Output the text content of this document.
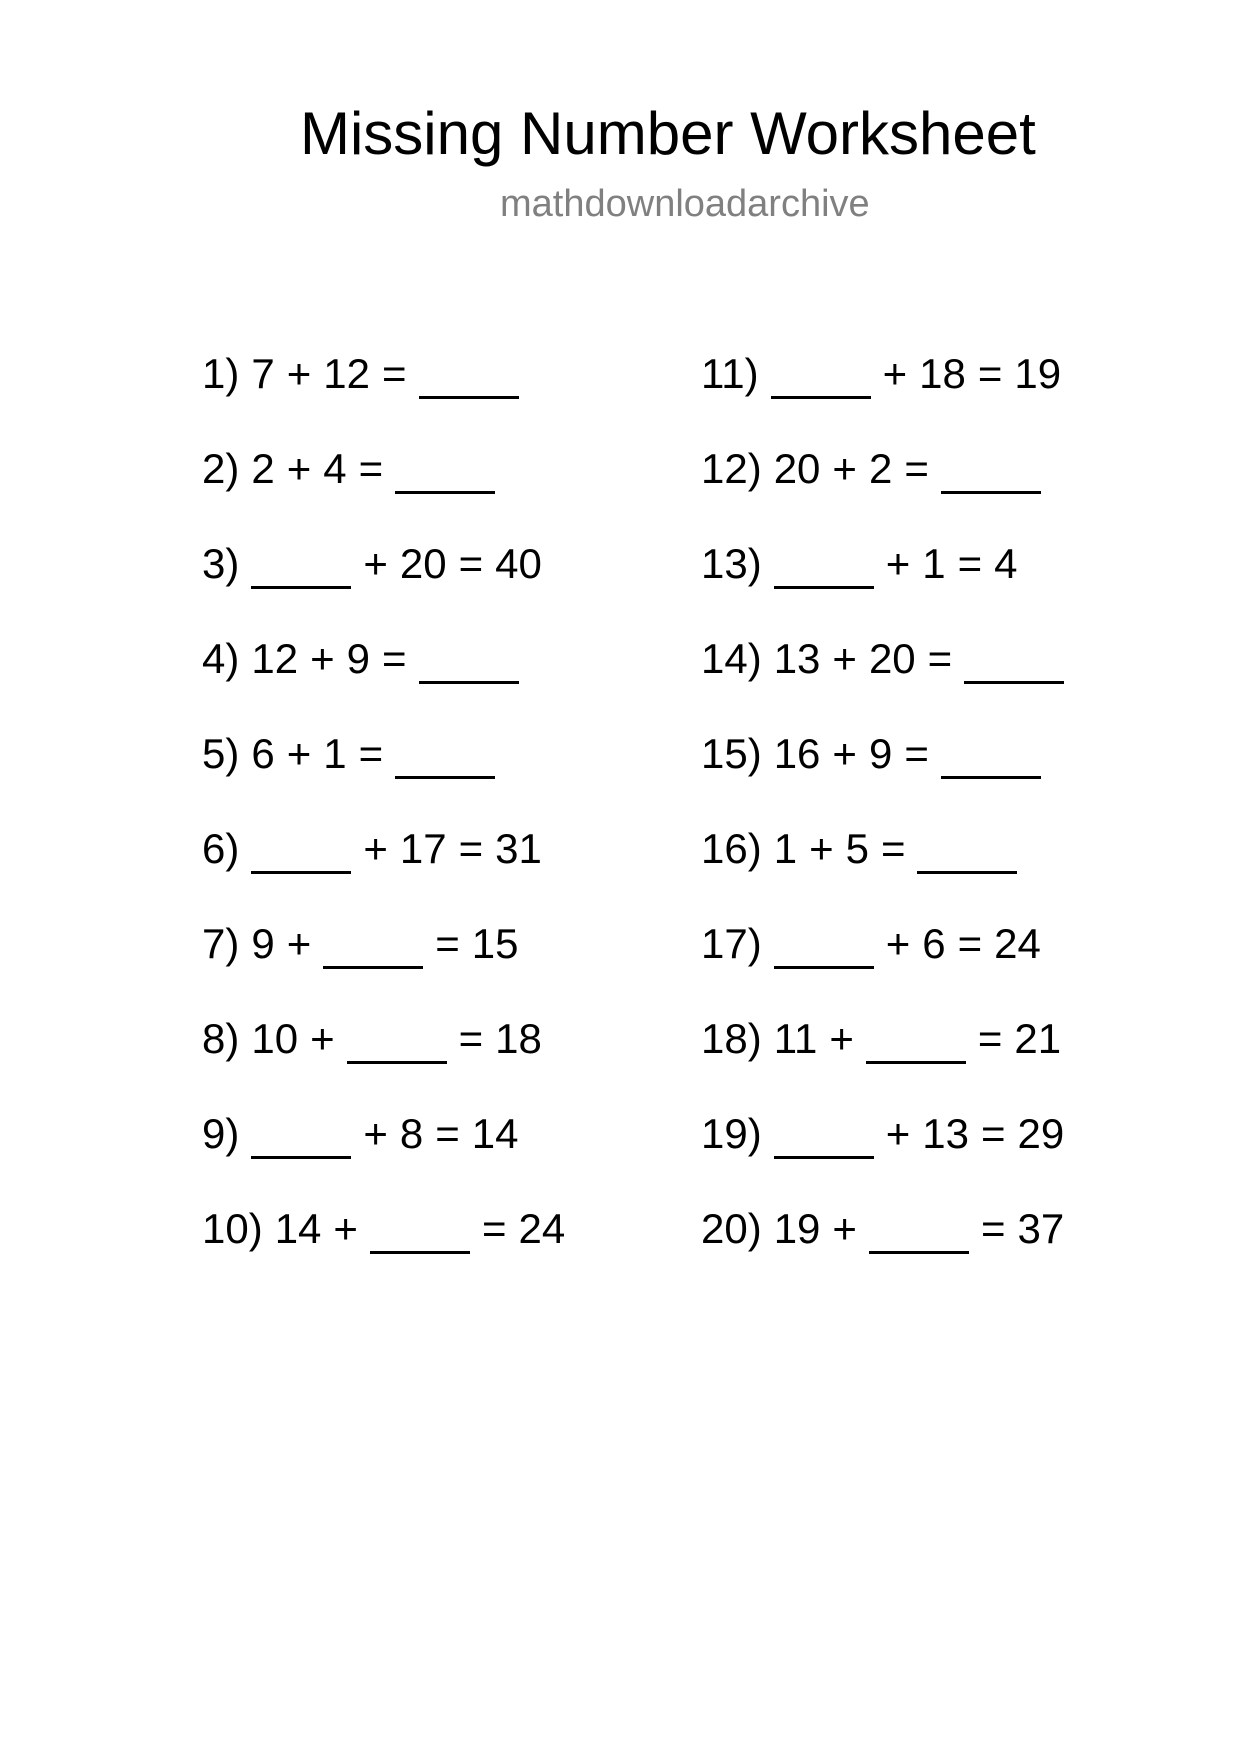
Missing Number Worksheet
mathdownloadarchive
1) 7 + 12 =
2) 2 + 4 =
3)	+ 20 = 40
4) 12 + 9 =
5) 6 + 1 =
6)	+ 17 = 31
7) 9 +	= 15
8) 10 +	= 18
9)	+ 8 = 14
10) 14 +	= 24
11)	+ 18 = 19
12) 20 + 2 =
13)	+ 1 = 4
14) 13 + 20 =
15) 16 + 9 =
16) 1 + 5 =
17)	+ 6 = 24
18) 11 +	= 21
19)	+ 13 = 29
20) 19 +	= 37
